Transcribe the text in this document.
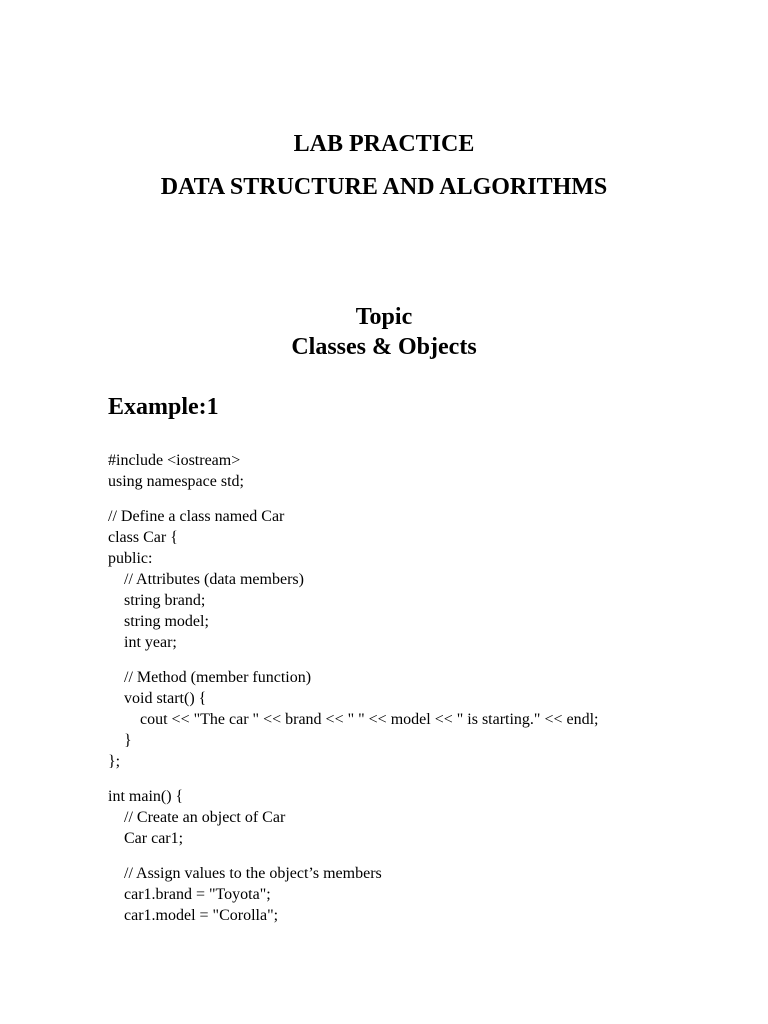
LAB PRACTICE
DATA STRUCTURE AND ALGORITHMS
Topic
Classes & Objects
Example:1
#include <iostream>
using namespace std;
// Define a class named Car
class Car {
public:
// Attributes (data members)
string brand;
string model;
int year;
// Method (member function)
void start() {
cout << "The car " << brand << " " << model << " is starting." << endl;
}
};
int main() {
// Create an object of Car
Car car1;
// Assign values to the object’s members
car1.brand = "Toyota";
car1.model = "Corolla";
